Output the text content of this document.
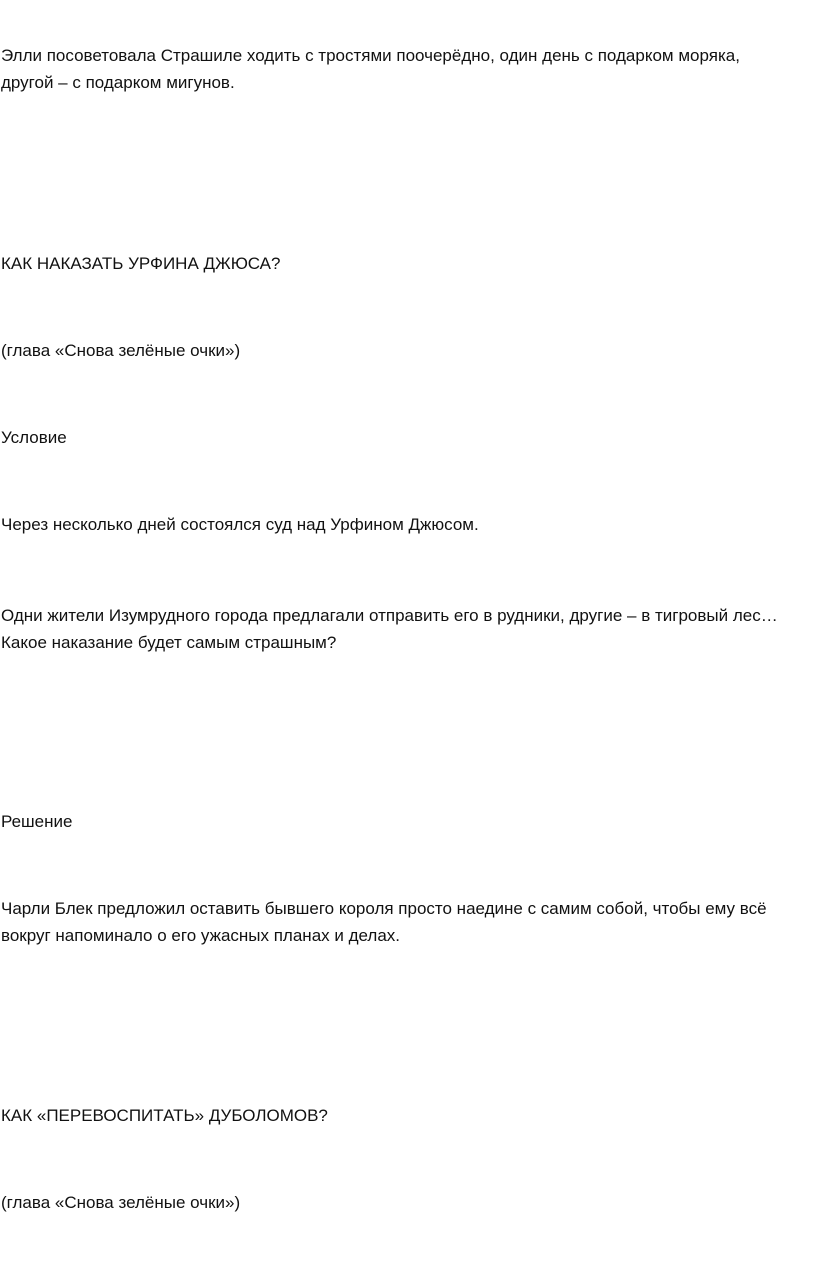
Элли посоветовала Страшиле ходить с тростями поочерёдно, один день с подарком моряка,
другой – с подарком мигунов.

КАК НАКАЗАТЬ УРФИНА ДЖЮСА?

(глава «Снова зелёные очки»)

Условие

Через несколько дней состоялся суд над Урфином Джюсом.

Одни жители Изумрудного города предлагали отправить его в рудники, другие – в тигровый лес…
Какое наказание будет самым страшным?

Решение

Чарли Блек предложил оставить бывшего короля просто наедине с самим собой, чтобы ему всё
вокруг напоминало о его ужасных планах и делах.

КАК «ПЕРЕВОСПИТАТЬ» ДУБОЛОМОВ?

(глава «Снова зелёные очки»)
